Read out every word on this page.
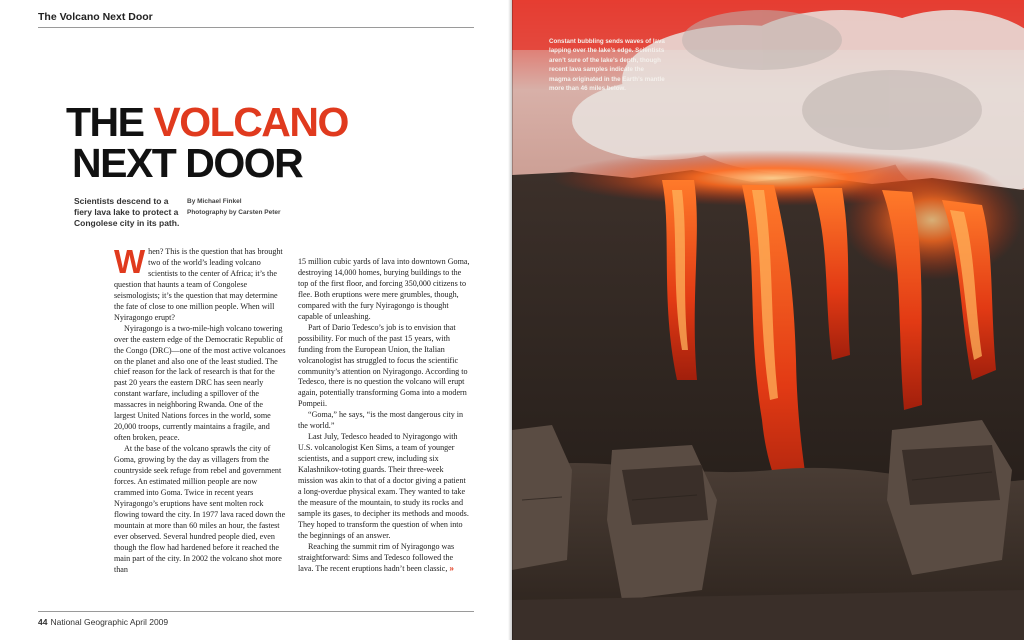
The Volcano Next Door
THE VOLCANO
NEXT DOOR
Scientists descend to a fiery lava lake to protect a Congolese city in its path.
By Michael Finkel
Photography by Carsten Peter

When? This is the question that has brought two of the world’s leading volcano scientists to the center of Africa; it’s the question that haunts a team of Congolese seismologists; it’s the question that may determine the fate of close to one million people. When will Nyiragongo erupt?

Nyiragongo is a two-mile-high volcano towering over the eastern edge of the Democratic Republic of the Congo (DRC)—one of the most active volcanoes on the planet and also one of the least studied. The chief reason for the lack of research is that for the past 20 years the eastern DRC has seen nearly constant warfare, including a spillover of the massacres in neighboring Rwanda. One of the largest United Nations forces in the world, some 20,000 troops, currently maintains a fragile, and often broken, peace.

At the base of the volcano sprawls the city of Goma, growing by the day as villagers from the countryside seek refuge from rebel and government forces. An estimated million people are now crammed into Goma. Twice in recent years Nyiragongo’s eruptions have sent molten rock flowing toward the city. In 1977 lava raced down the mountain at more than 60 miles an hour, the fastest ever observed. Several hundred people died, even though the flow had hardened before it reached the main part of the city. In 2002 the volcano shot more than

15 million cubic yards of lava into downtown Goma, destroying 14,000 homes, burying buildings to the top of the first floor, and forcing 350,000 citizens to flee. Both eruptions were mere grumbles, though, compared with the fury Nyiragongo is thought capable of unleashing.

Part of Dario Tedesco’s job is to envision that possibility. For much of the past 15 years, with funding from the European Union, the Italian volcanologist has struggled to focus the scientific community’s attention on Nyiragongo. According to Tedesco, there is no question the volcano will erupt again, potentially transforming Goma into a modern Pompeii.

“Goma,” he says, “is the most dangerous city in the world.”

Last July, Tedesco headed to Nyiragongo with U.S. volcanologist Ken Sims, a team of younger scientists, and a support crew, including six Kalashnikov-toting guards. Their three-week mission was akin to that of a doctor giving a patient a long-overdue physical exam. They wanted to take the measure of the mountain, to study its rocks and sample its gases, to decipher its methods and moods. They hoped to transform the question of when into the beginnings of an answer.

Reaching the summit rim of Nyiragongo was straightforward: Sims and Tedesco followed the lava. The recent eruptions hadn’t been classic, »

44 National Geographic April 2009
Constant bubbling sends waves of lava lapping over the lake’s edge. Scientists aren’t sure of the lake’s depth, though recent lava samples indicate the magma originated in the Earth’s mantle more than 46 miles below.
